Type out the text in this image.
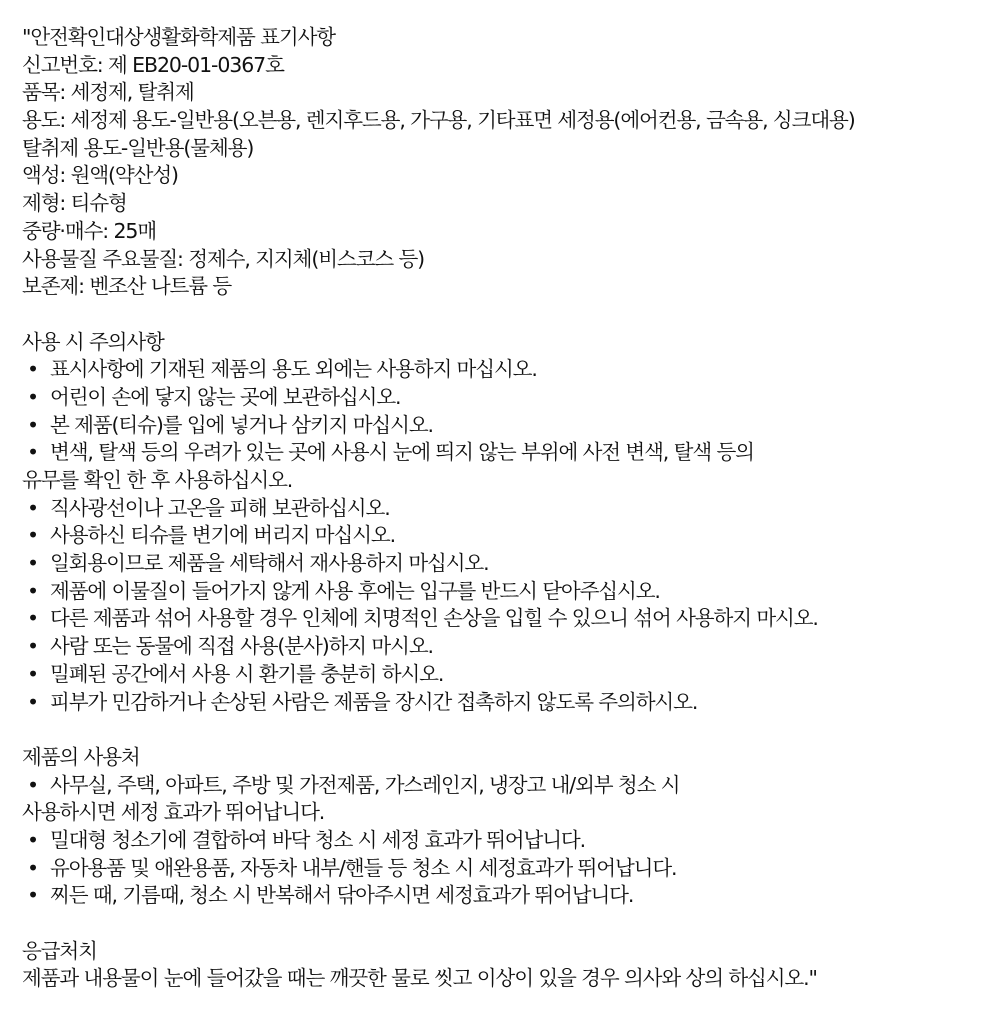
"안전확인대상생활화학제품 표기사항
신고번호: 제 EB20-01-0367호
품목: 세정제, 탈취제
용도: 세정제 용도-일반용(오븐용, 렌지후드용, 가구용, 기타표면 세정용(에어컨용, 금속용, 싱크대용)
탈취제 용도-일반용(물체용)
액성: 원액(약산성)
제형: 티슈형
중량·매수: 25매
사용물질 주요물질: 정제수, 지지체(비스코스 등)
보존제: 벤조산 나트륨 등
사용 시 주의사항
• 표시사항에 기재된 제품의 용도 외에는 사용하지 마십시오.
• 어린이 손에 닿지 않는 곳에 보관하십시오.
• 본 제품(티슈)를 입에 넣거나 삼키지 마십시오.
• 변색, 탈색 등의 우려가 있는 곳에 사용시 눈에 띄지 않는 부위에 사전 변색, 탈색 등의
유무를 확인 한 후 사용하십시오.
• 직사광선이나 고온을 피해 보관하십시오.
• 사용하신 티슈를 변기에 버리지 마십시오.
• 일회용이므로 제품을 세탁해서 재사용하지 마십시오.
• 제품에 이물질이 들어가지 않게 사용 후에는 입구를 반드시 닫아주십시오.
• 다른 제품과 섞어 사용할 경우 인체에 치명적인 손상을 입힐 수 있으니 섞어 사용하지 마시오.
• 사람 또는 동물에 직접 사용(분사)하지 마시오.
• 밀폐된 공간에서 사용 시 환기를 충분히 하시오.
• 피부가 민감하거나 손상된 사람은 제품을 장시간 접촉하지 않도록 주의하시오.
제품의 사용처
• 사무실, 주택, 아파트, 주방 및 가전제품, 가스레인지, 냉장고 내/외부 청소 시
사용하시면 세정 효과가 뛰어납니다.
• 밀대형 청소기에 결합하여 바닥 청소 시 세정 효과가 뛰어납니다.
• 유아용품 및 애완용품, 자동차 내부/핸들 등 청소 시 세정효과가 뛰어납니다.
• 찌든 때, 기름때, 청소 시 반복해서 닦아주시면 세정효과가 뛰어납니다.
응급처치
제품과 내용물이 눈에 들어갔을 때는 깨끗한 물로 씻고 이상이 있을 경우 의사와 상의 하십시오."
